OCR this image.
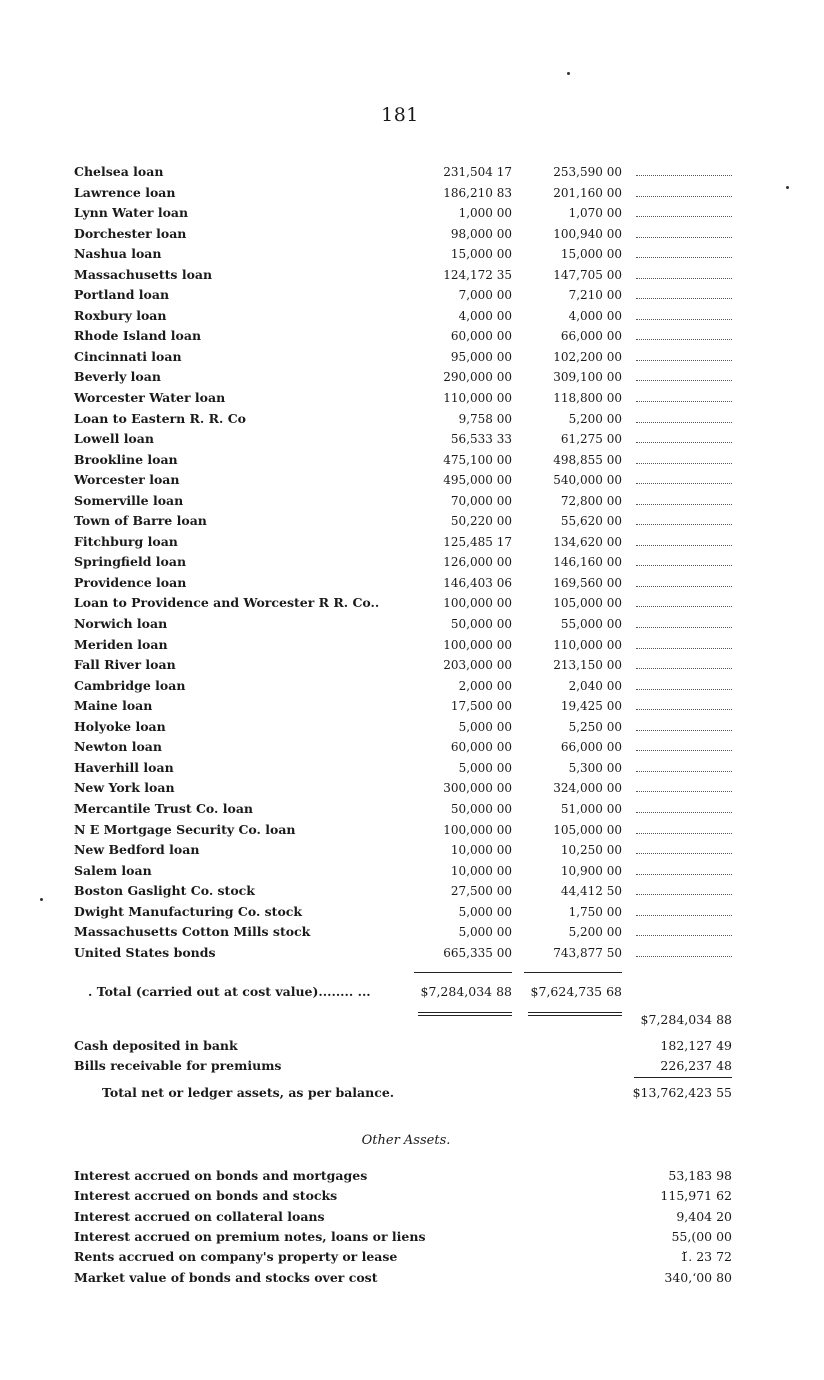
181
Chelsea loan	231,504 17	253,590 00
Lawrence loan	186,210 83	201,160 00
Lynn Water loan	1,000 00	1,070 00
Dorchester loan	98,000 00	100,940 00
Nashua loan	15,000 00	15,000 00
Massachusetts loan	124,172 35	147,705 00
Portland loan	7,000 00	7,210 00
Roxbury loan	4,000 00	4,000 00
Rhode Island loan	60,000 00	66,000 00
Cincinnati loan	95,000 00	102,200 00
Beverly loan	290,000 00	309,100 00
Worcester Water loan	110,000 00	118,800 00
Loan to Eastern R. R. Co	9,758 00	5,200 00
Lowell loan	56,533 33	61,275 00
Brookline loan	475,100 00	498,855 00
Worcester loan	495,000 00	540,000 00
Somerville loan	70,000 00	72,800 00
Town of Barre loan	50,220 00	55,620 00
Fitchburg loan	125,485 17	134,620 00
Springfield loan	126,000 00	146,160 00
Providence loan	146,403 06	169,560 00
Loan to Providence and Worcester R R. Co..	100,000 00	105,000 00
Norwich loan	50,000 00	55,000 00
Meriden loan	100,000 00	110,000 00
Fall River loan	203,000 00	213,150 00
Cambridge loan	2,000 00	2,040 00
Maine loan	17,500 00	19,425 00
Holyoke loan	5,000 00	5,250 00
Newton loan	60,000 00	66,000 00
Haverhill loan	5,000 00	5,300 00
New York loan	300,000 00	324,000 00
Mercantile Trust Co. loan	50,000 00	51,000 00
N E Mortgage Security Co. loan	100,000 00	105,000 00
New Bedford loan	10,000 00	10,250 00
Salem loan	10,000 00	10,900 00
Boston Gaslight Co. stock	27,500 00	44,412 50
Dwight Manufacturing Co. stock	5,000 00	1,750 00
Massachusetts Cotton Mills stock	5,000 00	5,200 00
United States bonds	665,335 00	743,877 50
. Total (carried out at cost value)........ ...	$7,284,034 88	$7,624,735 68
$7,284,034 88
Cash deposited in bank	182,127 49
Bills receivable for premiums	226,237 48
Total net or ledger assets, as per balance.	$13,762,423 55
Other Assets.
Interest accrued on bonds and mortgages	53,183 98
Interest accrued on bonds and stocks	115,971 62
Interest accrued on collateral loans	9,404 20
Interest accrued on premium notes, loans or liens	55,(00 00
Rents accrued on company's property or lease	1̆. 23 72
Market value of bonds and stocks over cost	340,ʻ00 80
